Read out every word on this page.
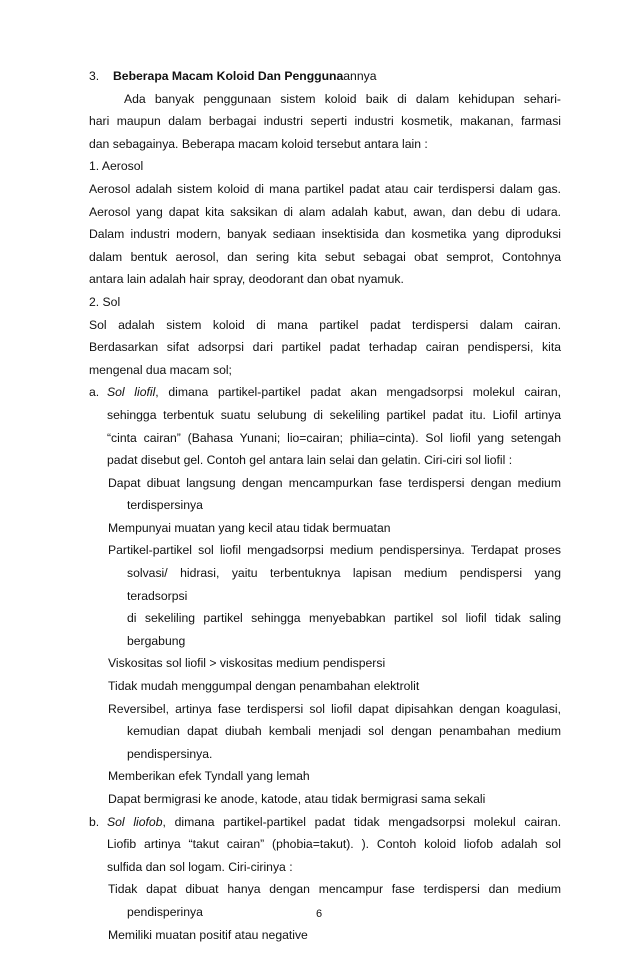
3. Beberapa Macam Koloid Dan Penggunaannya
Ada banyak penggunaan sistem koloid baik di dalam kehidupan sehari-
hari maupun dalam berbagai industri seperti industri kosmetik, makanan, farmasi
dan sebagainya. Beberapa macam koloid tersebut antara lain :
1. Aerosol
Aerosol adalah sistem koloid di mana partikel padat atau cair terdispersi dalam gas.
Aerosol yang dapat kita saksikan di alam adalah kabut, awan, dan debu di udara.
Dalam industri modern, banyak sediaan insektisida dan kosmetika yang diproduksi
dalam bentuk aerosol, dan sering kita sebut sebagai obat semprot, Contohnya
antara lain adalah hair spray, deodorant dan obat nyamuk.
2. Sol
Sol adalah sistem koloid di mana partikel padat terdispersi dalam cairan.
Berdasarkan sifat adsorpsi dari partikel padat terhadap cairan pendispersi, kita
mengenal dua macam sol;
a. Sol liofil, dimana partikel-partikel padat akan mengadsorpsi molekul cairan,
sehingga terbentuk suatu selubung di sekeliling partikel padat itu. Liofil artinya
“cinta cairan” (Bahasa Yunani; lio=cairan; philia=cinta). Sol liofil yang setengah
padat disebut gel. Contoh gel antara lain selai dan gelatin. Ciri-ciri sol liofil :
Dapat dibuat langsung dengan mencampurkan fase terdispersi dengan medium
terdispersinya
Mempunyai muatan yang kecil atau tidak bermuatan
Partikel-partikel sol liofil mengadsorpsi medium pendispersinya. Terdapat proses
solvasi/ hidrasi, yaitu terbentuknya lapisan medium pendispersi yang teradsorpsi
di sekeliling partikel sehingga menyebabkan partikel sol liofil tidak saling
bergabung
Viskositas sol liofil > viskositas medium pendispersi
Tidak mudah menggumpal dengan penambahan elektrolit
Reversibel, artinya fase terdispersi sol liofil dapat dipisahkan dengan koagulasi,
kemudian dapat diubah kembali menjadi sol dengan penambahan medium
pendispersinya.
Memberikan efek Tyndall yang lemah
Dapat bermigrasi ke anode, katode, atau tidak bermigrasi sama sekali
b. Sol liofob, dimana partikel-partikel padat tidak mengadsorpsi molekul cairan.
Liofib artinya “takut cairan” (phobia=takut). ). Contoh koloid liofob adalah sol
sulfida dan sol logam. Ciri-cirinya :
Tidak dapat dibuat hanya dengan mencampur fase terdispersi dan medium
pendisperinya
Memiliki muatan positif atau negative
6
